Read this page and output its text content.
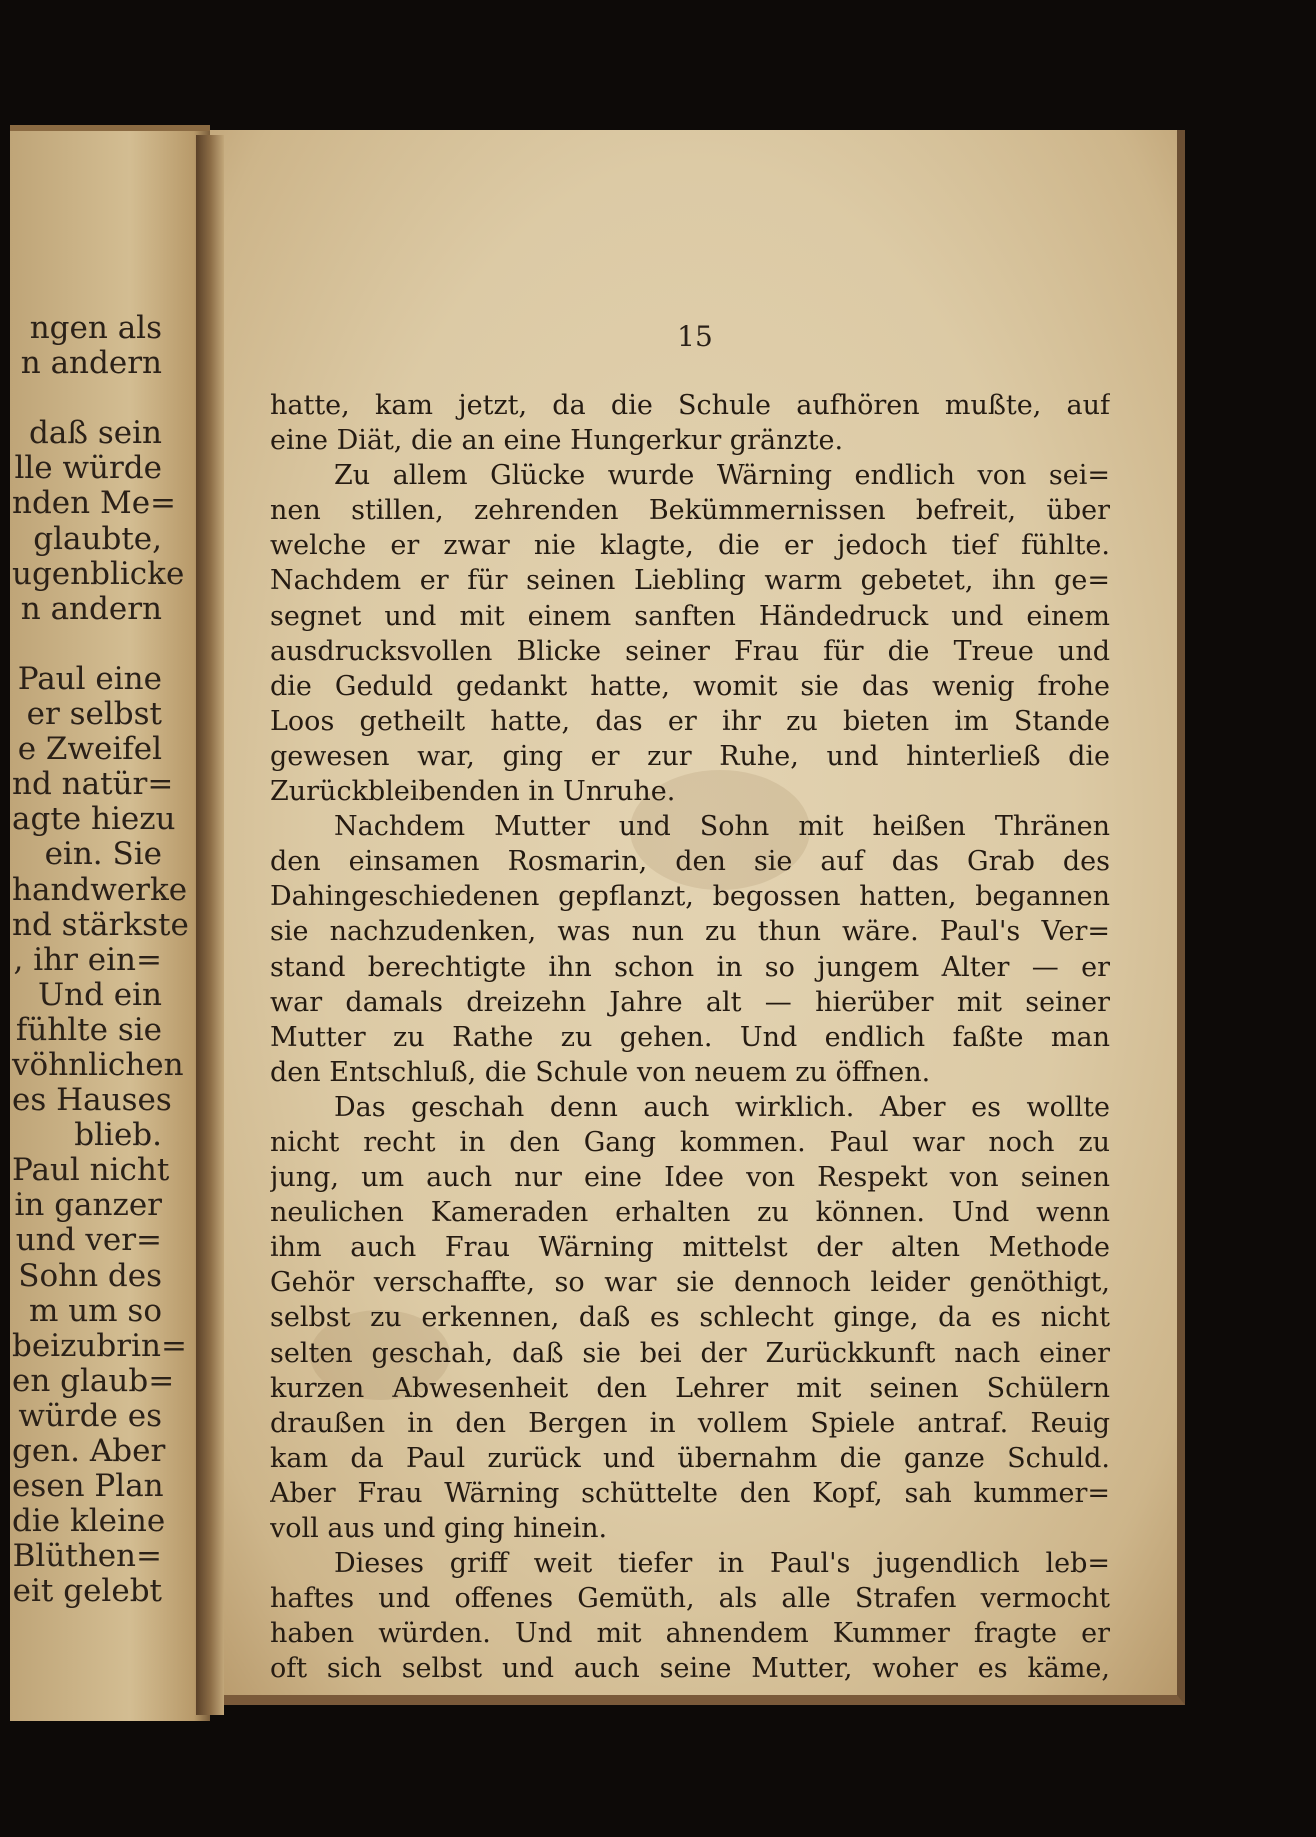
ngen als
n andern
daß sein
lle würde
nden Me=
glaubte,
ugenblicke
n andern
Paul eine
er selbst
e Zweifel
nd natür=
agte hiezu
ein. Sie
handwerke
nd stärkste
, ihr ein=
Und ein
fühlte sie
vöhnlichen
es Hauses
blieb.
Paul nicht
in ganzer
und ver=
Sohn des
m um so
beizubrin=
en glaub=
würde es
gen. Aber
esen Plan
die kleine
Blüthen=
eit gelebt
15
hatte, kam jetzt, da die Schule aufhören mußte, auf
eine Diät, die an eine Hungerkur gränzte.
Zu allem Glücke wurde Wärning endlich von sei=
nen stillen, zehrenden Bekümmernissen befreit, über
welche er zwar nie klagte, die er jedoch tief fühlte.
Nachdem er für seinen Liebling warm gebetet, ihn ge=
segnet und mit einem sanften Händedruck und einem
ausdrucksvollen Blicke seiner Frau für die Treue und
die Geduld gedankt hatte, womit sie das wenig frohe
Loos getheilt hatte, das er ihr zu bieten im Stande
gewesen war, ging er zur Ruhe, und hinterließ die
Zurückbleibenden in Unruhe.
Nachdem Mutter und Sohn mit heißen Thränen
den einsamen Rosmarin, den sie auf das Grab des
Dahingeschiedenen gepflanzt, begossen hatten, begannen
sie nachzudenken, was nun zu thun wäre. Paul's Ver=
stand berechtigte ihn schon in so jungem Alter — er
war damals dreizehn Jahre alt — hierüber mit seiner
Mutter zu Rathe zu gehen. Und endlich faßte man
den Entschluß, die Schule von neuem zu öffnen.
Das geschah denn auch wirklich. Aber es wollte
nicht recht in den Gang kommen. Paul war noch zu
jung, um auch nur eine Idee von Respekt von seinen
neulichen Kameraden erhalten zu können. Und wenn
ihm auch Frau Wärning mittelst der alten Methode
Gehör verschaffte, so war sie dennoch leider genöthigt,
selbst zu erkennen, daß es schlecht ginge, da es nicht
selten geschah, daß sie bei der Zurückkunft nach einer
kurzen Abwesenheit den Lehrer mit seinen Schülern
draußen in den Bergen in vollem Spiele antraf. Reuig
kam da Paul zurück und übernahm die ganze Schuld.
Aber Frau Wärning schüttelte den Kopf, sah kummer=
voll aus und ging hinein.
Dieses griff weit tiefer in Paul's jugendlich leb=
haftes und offenes Gemüth, als alle Strafen vermocht
haben würden. Und mit ahnendem Kummer fragte er
oft sich selbst und auch seine Mutter, woher es käme,
